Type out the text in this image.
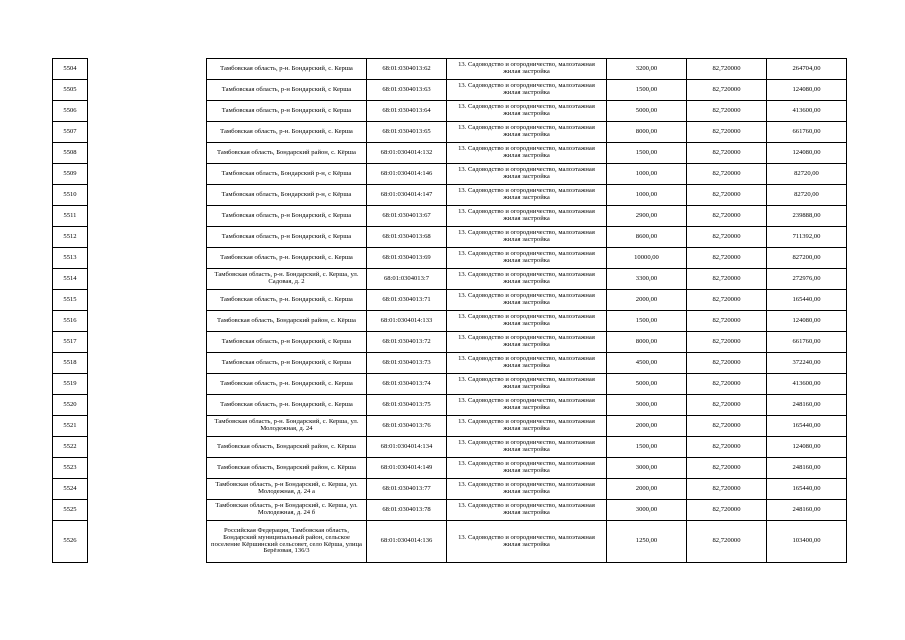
5504		Тамбовская область, р-н. Бондарский, с. Керша	68:01:0304013:62	13. Садоводство и огородничество, малоэтажная жилая застройка	3200,00	82,720000	264704,00
5505		Тамбовская область, р-н Бондарский, с Керша	68:01:0304013:63	13. Садоводство и огородничество, малоэтажная жилая застройка	1500,00	82,720000	124080,00
5506		Тамбовская область, р-н Бондарский, с Керша	68:01:0304013:64	13. Садоводство и огородничество, малоэтажная жилая застройка	5000,00	82,720000	413600,00
5507		Тамбовская область, р-н. Бондарский, с. Керша	68:01:0304013:65	13. Садоводство и огородничество, малоэтажная жилая застройка	8000,00	82,720000	661760,00
5508		Тамбовская область, Бондарский район, с. Кёрша	68:01:0304014:132	13. Садоводство и огородничество, малоэтажная жилая застройка	1500,00	82,720000	124080,00
5509		Тамбовская область, Бондарский р-н, с Кёрша	68:01:0304014:146	13. Садоводство и огородничество, малоэтажная жилая застройка	1000,00	82,720000	82720,00
5510		Тамбовская область, Бондарский р-н, с Кёрша	68:01:0304014:147	13. Садоводство и огородничество, малоэтажная жилая застройка	1000,00	82,720000	82720,00
5511		Тамбовская область, р-н Бондарский, с Керша	68:01:0304013:67	13. Садоводство и огородничество, малоэтажная жилая застройка	2900,00	82,720000	239888,00
5512		Тамбовская область, р-н Бондарский, с Керша	68:01:0304013:68	13. Садоводство и огородничество, малоэтажная жилая застройка	8600,00	82,720000	711392,00
5513		Тамбовская область, р-н. Бондарский, с. Керша	68:01:0304013:69	13. Садоводство и огородничество, малоэтажная жилая застройка	10000,00	82,720000	827200,00
5514		Тамбовская область, р-н. Бондарский, с. Керша, ул. Садовая, д. 2	68:01:0304013:7	13. Садоводство и огородничество, малоэтажная жилая застройка	3300,00	82,720000	272976,00
5515		Тамбовская область, р-н. Бондарский, с. Керша	68:01:0304013:71	13. Садоводство и огородничество, малоэтажная жилая застройка	2000,00	82,720000	165440,00
5516		Тамбовская область, Бондарский район, с. Кёрша	68:01:0304014:133	13. Садоводство и огородничество, малоэтажная жилая застройка	1500,00	82,720000	124080,00
5517		Тамбовская область, р-н Бондарский, с Керша	68:01:0304013:72	13. Садоводство и огородничество, малоэтажная жилая застройка	8000,00	82,720000	661760,00
5518		Тамбовская область, р-н Бондарский, с Керша	68:01:0304013:73	13. Садоводство и огородничество, малоэтажная жилая застройка	4500,00	82,720000	372240,00
5519		Тамбовская область, р-н. Бондарский, с. Керша	68:01:0304013:74	13. Садоводство и огородничество, малоэтажная жилая застройка	5000,00	82,720000	413600,00
5520		Тамбовская область, р-н. Бондарский, с. Керша	68:01:0304013:75	13. Садоводство и огородничество, малоэтажная жилая застройка	3000,00	82,720000	248160,00
5521		Тамбовская область, р-н. Бондарский, с. Керша, ул. Молодежная, д. 24	68:01:0304013:76	13. Садоводство и огородничество, малоэтажная жилая застройка	2000,00	82,720000	165440,00
5522		Тамбовская область, Бондарский район, с. Кёрша	68:01:0304014:134	13. Садоводство и огородничество, малоэтажная жилая застройка	1500,00	82,720000	124080,00
5523		Тамбовская область, Бондарский район, с. Кёрша	68:01:0304014:149	13. Садоводство и огородничество, малоэтажная жилая застройка	3000,00	82,720000	248160,00
5524		Тамбовская область, р-н Бондарский, с. Керша, ул. Молодежная, д. 24 а	68:01:0304013:77	13. Садоводство и огородничество, малоэтажная жилая застройка	2000,00	82,720000	165440,00
5525		Тамбовская область, р-н Бондарский, с. Керша, ул. Молодежная, д. 24 б	68:01:0304013:78	13. Садоводство и огородничество, малоэтажная жилая застройка	3000,00	82,720000	248160,00
5526		Российская Федерация, Тамбовская область, Бондарский муниципальный район, сельское поселение Кёршинский сельсовет, село Кёрша, улица Берёзовая, 136/3	68:01:0304014:136	13. Садоводство и огородничество, малоэтажная жилая застройка	1250,00	82,720000	103400,00
